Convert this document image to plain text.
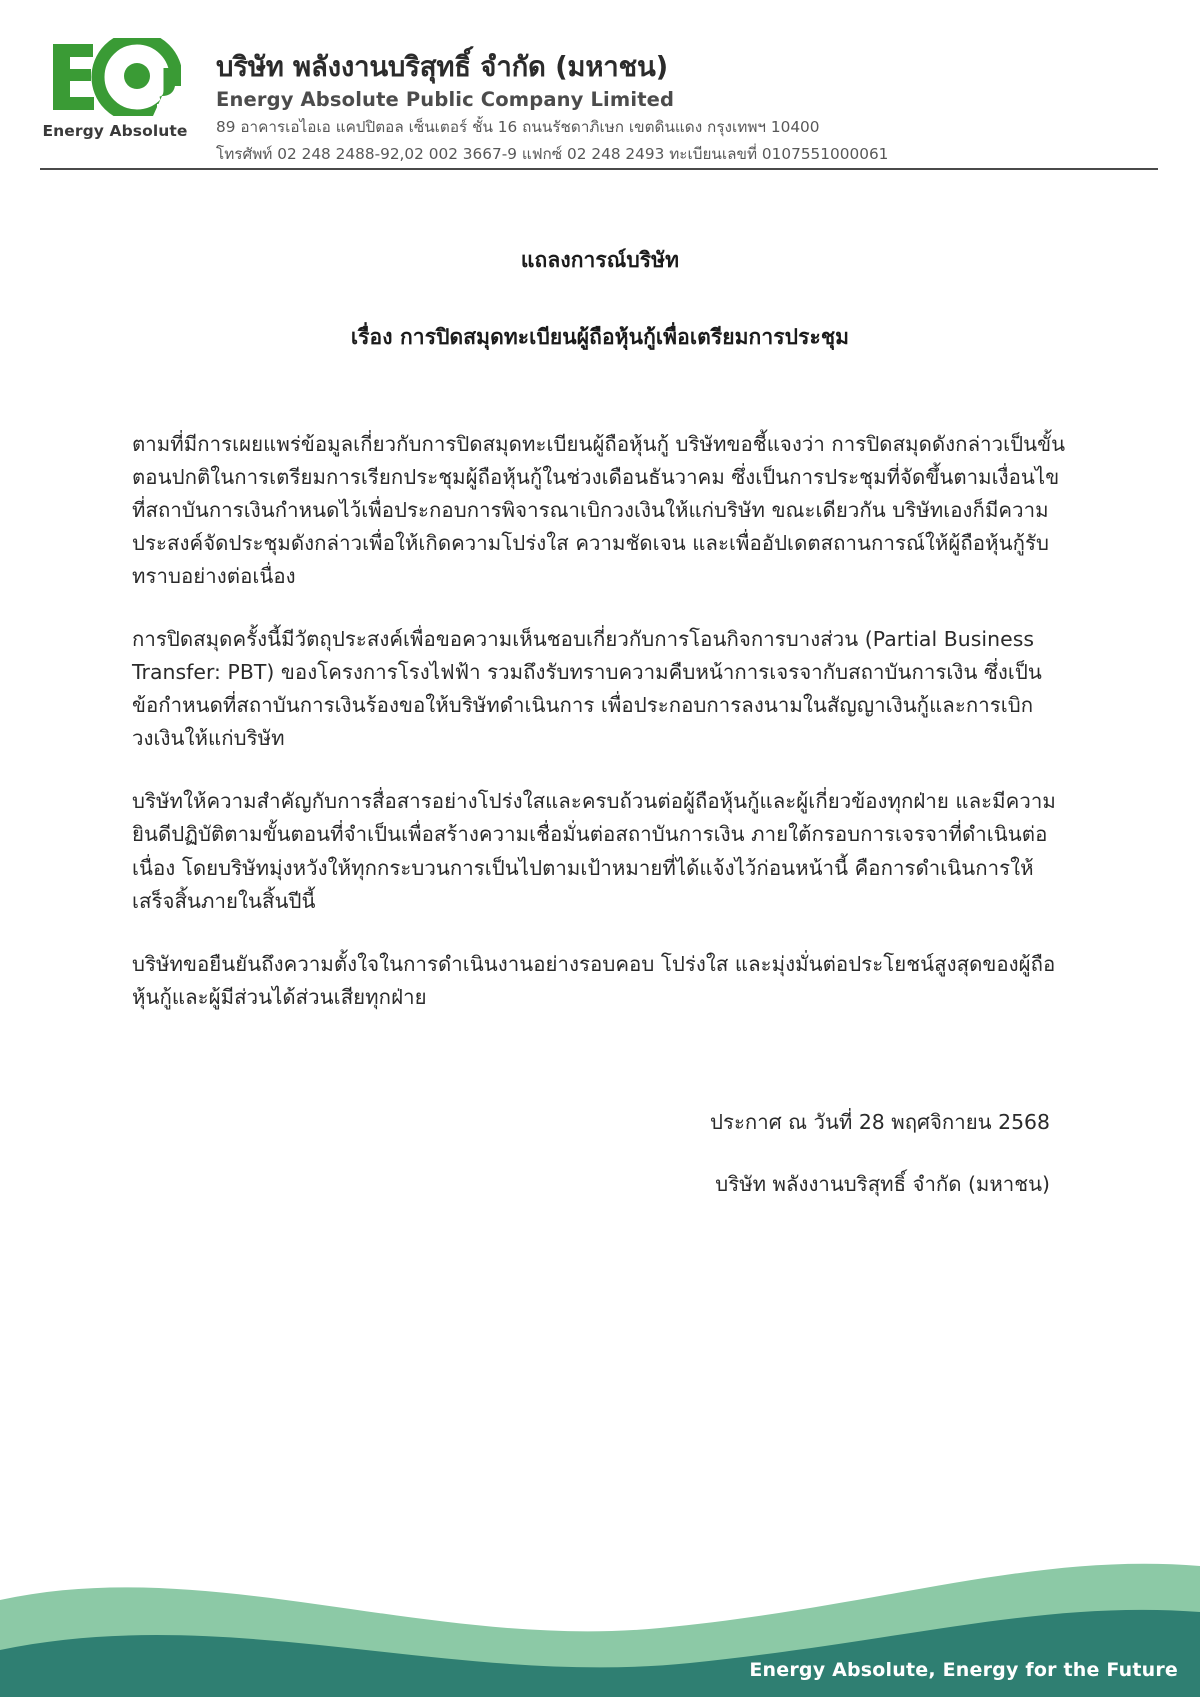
Energy Absolute
บริษัท พลังงานบริสุทธิ์ จำกัด (มหาชน)
Energy Absolute Public Company Limited
89 อาคารเอไอเอ แคปปิตอล เซ็นเตอร์ ชั้น 16 ถนนรัชดาภิเษก เขตดินแดง กรุงเทพฯ 10400
โทรศัพท์ 02 248 2488-92,02 002 3667-9 แฟกซ์ 02 248 2493 ทะเบียนเลขที่ 0107551000061
แถลงการณ์บริษัท
เรื่อง การปิดสมุดทะเบียนผู้ถือหุ้นกู้เพื่อเตรียมการประชุม

ตามที่มีการเผยแพร่ข้อมูลเกี่ยวกับการปิดสมุดทะเบียนผู้ถือหุ้นกู้ บริษัทขอชี้แจงว่า การปิดสมุดดังกล่าวเป็นขั้นตอนปกติในการเตรียมการเรียกประชุมผู้ถือหุ้นกู้ในช่วงเดือนธันวาคม ซึ่งเป็นการประชุมที่จัดขึ้นตามเงื่อนไขที่สถาบันการเงินกำหนดไว้เพื่อประกอบการพิจารณาเบิกวงเงินให้แก่บริษัท ขณะเดียวกัน บริษัทเองก็มีความประสงค์จัดประชุมดังกล่าวเพื่อให้เกิดความโปร่งใส ความชัดเจน และเพื่ออัปเดตสถานการณ์ให้ผู้ถือหุ้นกู้รับทราบอย่างต่อเนื่อง

การปิดสมุดครั้งนี้มีวัตถุประสงค์เพื่อขอความเห็นชอบเกี่ยวกับการโอนกิจการบางส่วน (Partial Business Transfer: PBT) ของโครงการโรงไฟฟ้า รวมถึงรับทราบความคืบหน้าการเจรจากับสถาบันการเงิน ซึ่งเป็นข้อกำหนดที่สถาบันการเงินร้องขอให้บริษัทดำเนินการ เพื่อประกอบการลงนามในสัญญาเงินกู้และการเบิกวงเงินให้แก่บริษัท

บริษัทให้ความสำคัญกับการสื่อสารอย่างโปร่งใสและครบถ้วนต่อผู้ถือหุ้นกู้และผู้เกี่ยวข้องทุกฝ่าย และมีความยินดีปฏิบัติตามขั้นตอนที่จำเป็นเพื่อสร้างความเชื่อมั่นต่อสถาบันการเงิน ภายใต้กรอบการเจรจาที่ดำเนินต่อเนื่อง โดยบริษัทมุ่งหวังให้ทุกกระบวนการเป็นไปตามเป้าหมายที่ได้แจ้งไว้ก่อนหน้านี้ คือการดำเนินการให้เสร็จสิ้นภายในสิ้นปีนี้

บริษัทขอยืนยันถึงความตั้งใจในการดำเนินงานอย่างรอบคอบ โปร่งใส และมุ่งมั่นต่อประโยชน์สูงสุดของผู้ถือหุ้นกู้และผู้มีส่วนได้ส่วนเสียทุกฝ่าย

ประกาศ ณ วันที่ 28 พฤศจิกายน 2568
บริษัท พลังงานบริสุทธิ์ จำกัด (มหาชน)
Energy Absolute, Energy for the Future
